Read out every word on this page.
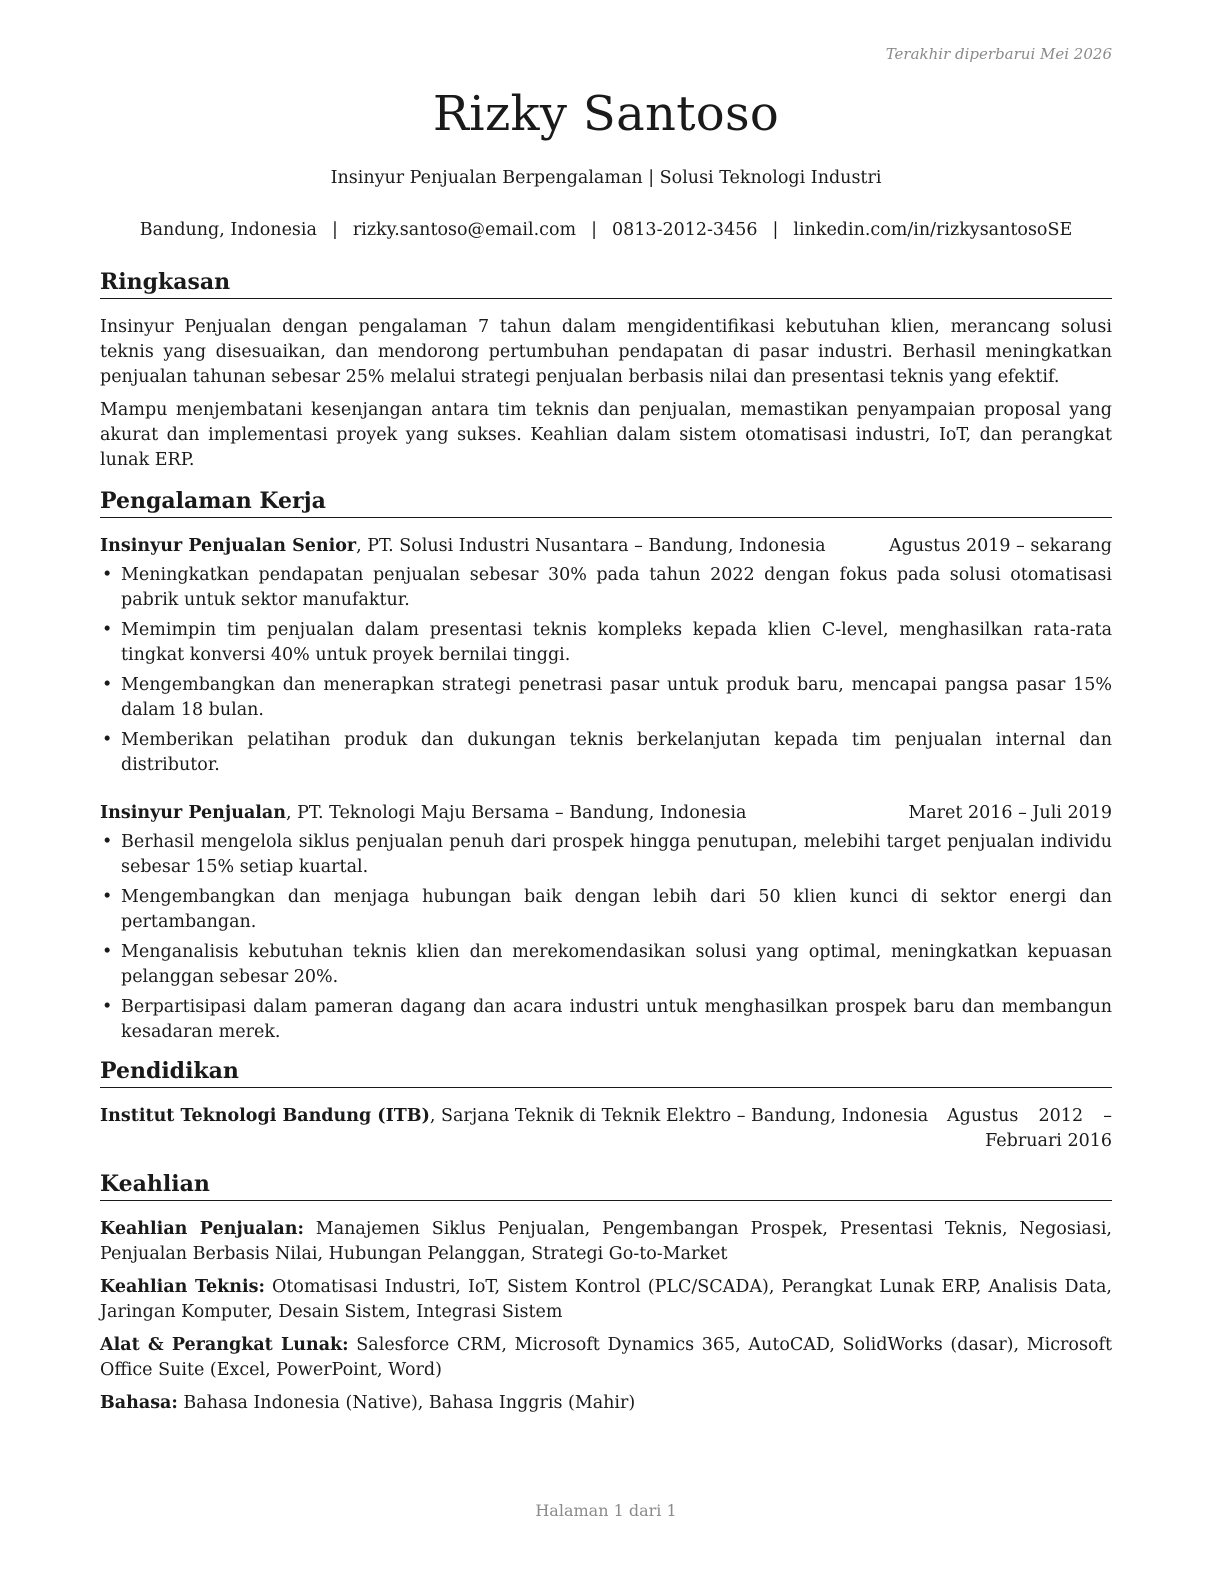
Terakhir diperbarui Mei 2026
Rizky Santoso
Insinyur Penjualan Berpengalaman | Solusi Teknologi Industri
Bandung, Indonesia | rizky.santoso@email.com | 0813-2012-3456 | linkedin.com/in/rizkysantosoSE
Ringkasan

Insinyur Penjualan dengan pengalaman 7 tahun dalam mengidentifikasi kebutuhan klien, merancang solusi teknis yang disesuaikan, dan mendorong pertumbuhan pendapatan di pasar industri. Berhasil meningkatkan penjualan tahunan sebesar 25% melalui strategi penjualan berbasis nilai dan presentasi teknis yang efektif.

Mampu menjembatani kesenjangan antara tim teknis dan penjualan, memastikan penyampaian proposal yang akurat dan implementasi proyek yang sukses. Keahlian dalam sistem otomatisasi industri, IoT, dan perangkat lunak ERP.

Pengalaman Kerja
Insinyur Penjualan Senior, PT. Solusi Industri Nusantara – Bandung, Indonesia	Agustus 2019 – sekarang
• Meningkatkan pendapatan penjualan sebesar 30% pada tahun 2022 dengan fokus pada solusi otomatisasi pabrik untuk sektor manufaktur.
• Memimpin tim penjualan dalam presentasi teknis kompleks kepada klien C-level, menghasilkan rata-rata tingkat konversi 40% untuk proyek bernilai tinggi.
• Mengembangkan dan menerapkan strategi penetrasi pasar untuk produk baru, mencapai pangsa pasar 15% dalam 18 bulan.
• Memberikan pelatihan produk dan dukungan teknis berkelanjutan kepada tim penjualan internal dan distributor.
Insinyur Penjualan, PT. Teknologi Maju Bersama – Bandung, Indonesia	Maret 2016 – Juli 2019
• Berhasil mengelola siklus penjualan penuh dari prospek hingga penutupan, melebihi target penjualan individu sebesar 15% setiap kuartal.
• Mengembangkan dan menjaga hubungan baik dengan lebih dari 50 klien kunci di sektor energi dan pertambangan.
• Menganalisis kebutuhan teknis klien dan merekomendasikan solusi yang optimal, meningkatkan kepuasan pelanggan sebesar 20%.
• Berpartisipasi dalam pameran dagang dan acara industri untuk menghasilkan prospek baru dan membangun kesadaran merek.
Pendidikan
Institut Teknologi Bandung (ITB), Sarjana Teknik di Teknik Elektro – Bandung, Indonesia Agustus 2012 – Februari 2016
Keahlian

Keahlian Penjualan: Manajemen Siklus Penjualan, Pengembangan Prospek, Presentasi Teknis, Negosiasi, Penjualan Berbasis Nilai, Hubungan Pelanggan, Strategi Go-to-Market

Keahlian Teknis: Otomatisasi Industri, IoT, Sistem Kontrol (PLC/SCADA), Perangkat Lunak ERP, Analisis Data, Jaringan Komputer, Desain Sistem, Integrasi Sistem

Alat & Perangkat Lunak: Salesforce CRM, Microsoft Dynamics 365, AutoCAD, SolidWorks (dasar), Microsoft Office Suite (Excel, PowerPoint, Word)

Bahasa: Bahasa Indonesia (Native), Bahasa Inggris (Mahir)

Halaman 1 dari 1
